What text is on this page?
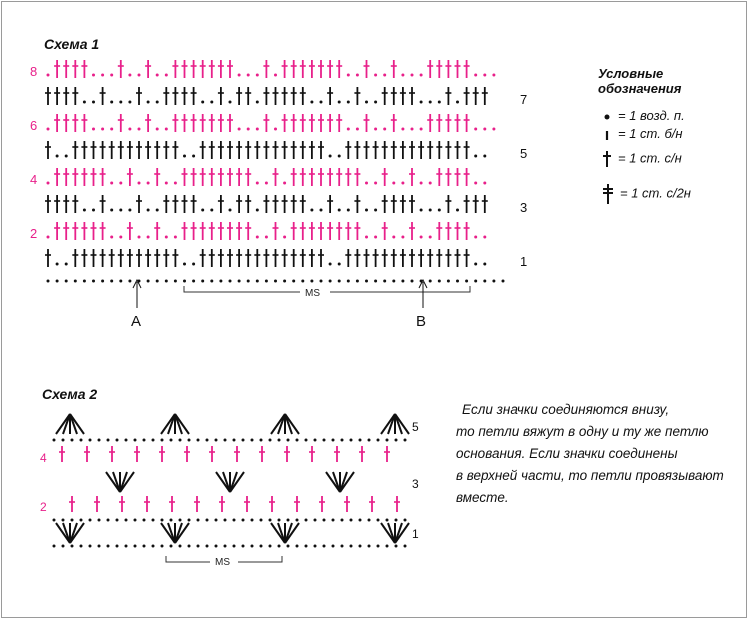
Схема 1
8
6
4
2
7
5
3
1
MS
A	B
Условные
обозначения
= 1 возд. п.
= 1 ст. б/н
= 1 ст. с/н
= 1 ст. с/2н
Схема 2
4
2
5
3
1
MS
Если значки соединяются внизу,
то петли вяжут в одну и ту же петлю
основания. Если значки соединены
в верхней части, то петли провязывают
вместе.
